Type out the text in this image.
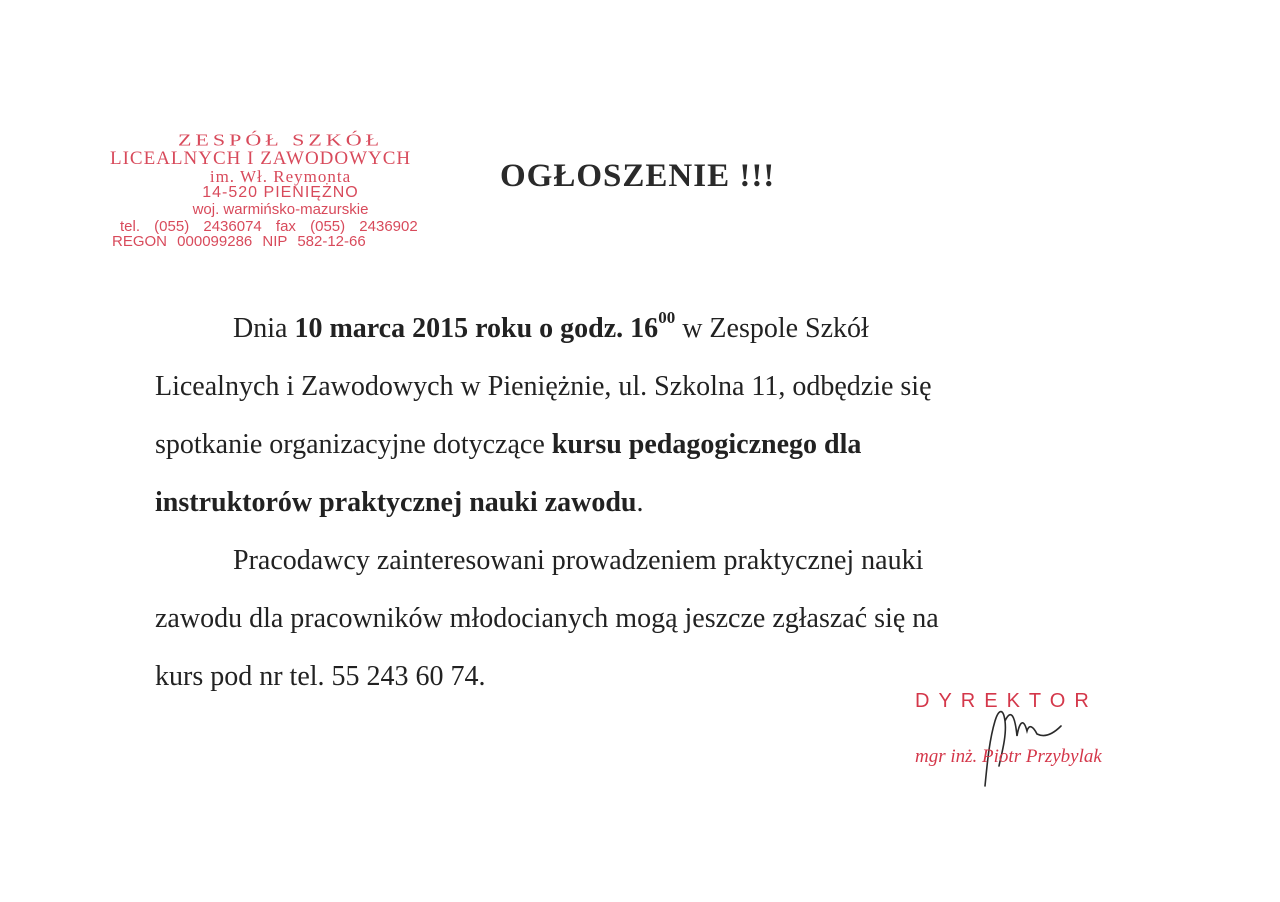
ZESPÓŁ SZKÓŁ
LICEALNYCH I ZAWODOWYCH
im. Wł. Reymonta
14-520 PIENIĘŻNO
woj. warmińsko-mazurskie
tel. (055) 2436074 fax (055) 2436902
REGON 000099286 NIP 582-12-66
OGŁOSZENIE !!!

Dnia 10 marca 2015 roku o godz. $16^{00}$ w Zespole Szkół

Licealnych i Zawodowych w Pieniężnie, ul. Szkolna 11, odbędzie się

spotkanie organizacyjne dotyczące kursu pedagogicznego dla

instruktorów praktycznej nauki zawodu.

Pracodawcy zainteresowani prowadzeniem praktycznej nauki

zawodu dla pracowników młodocianych mogą jeszcze zgłaszać się na

kurs pod nr tel. 55 243 60 74.

DYREKTOR
mgr inż. Piotr Przybylak
